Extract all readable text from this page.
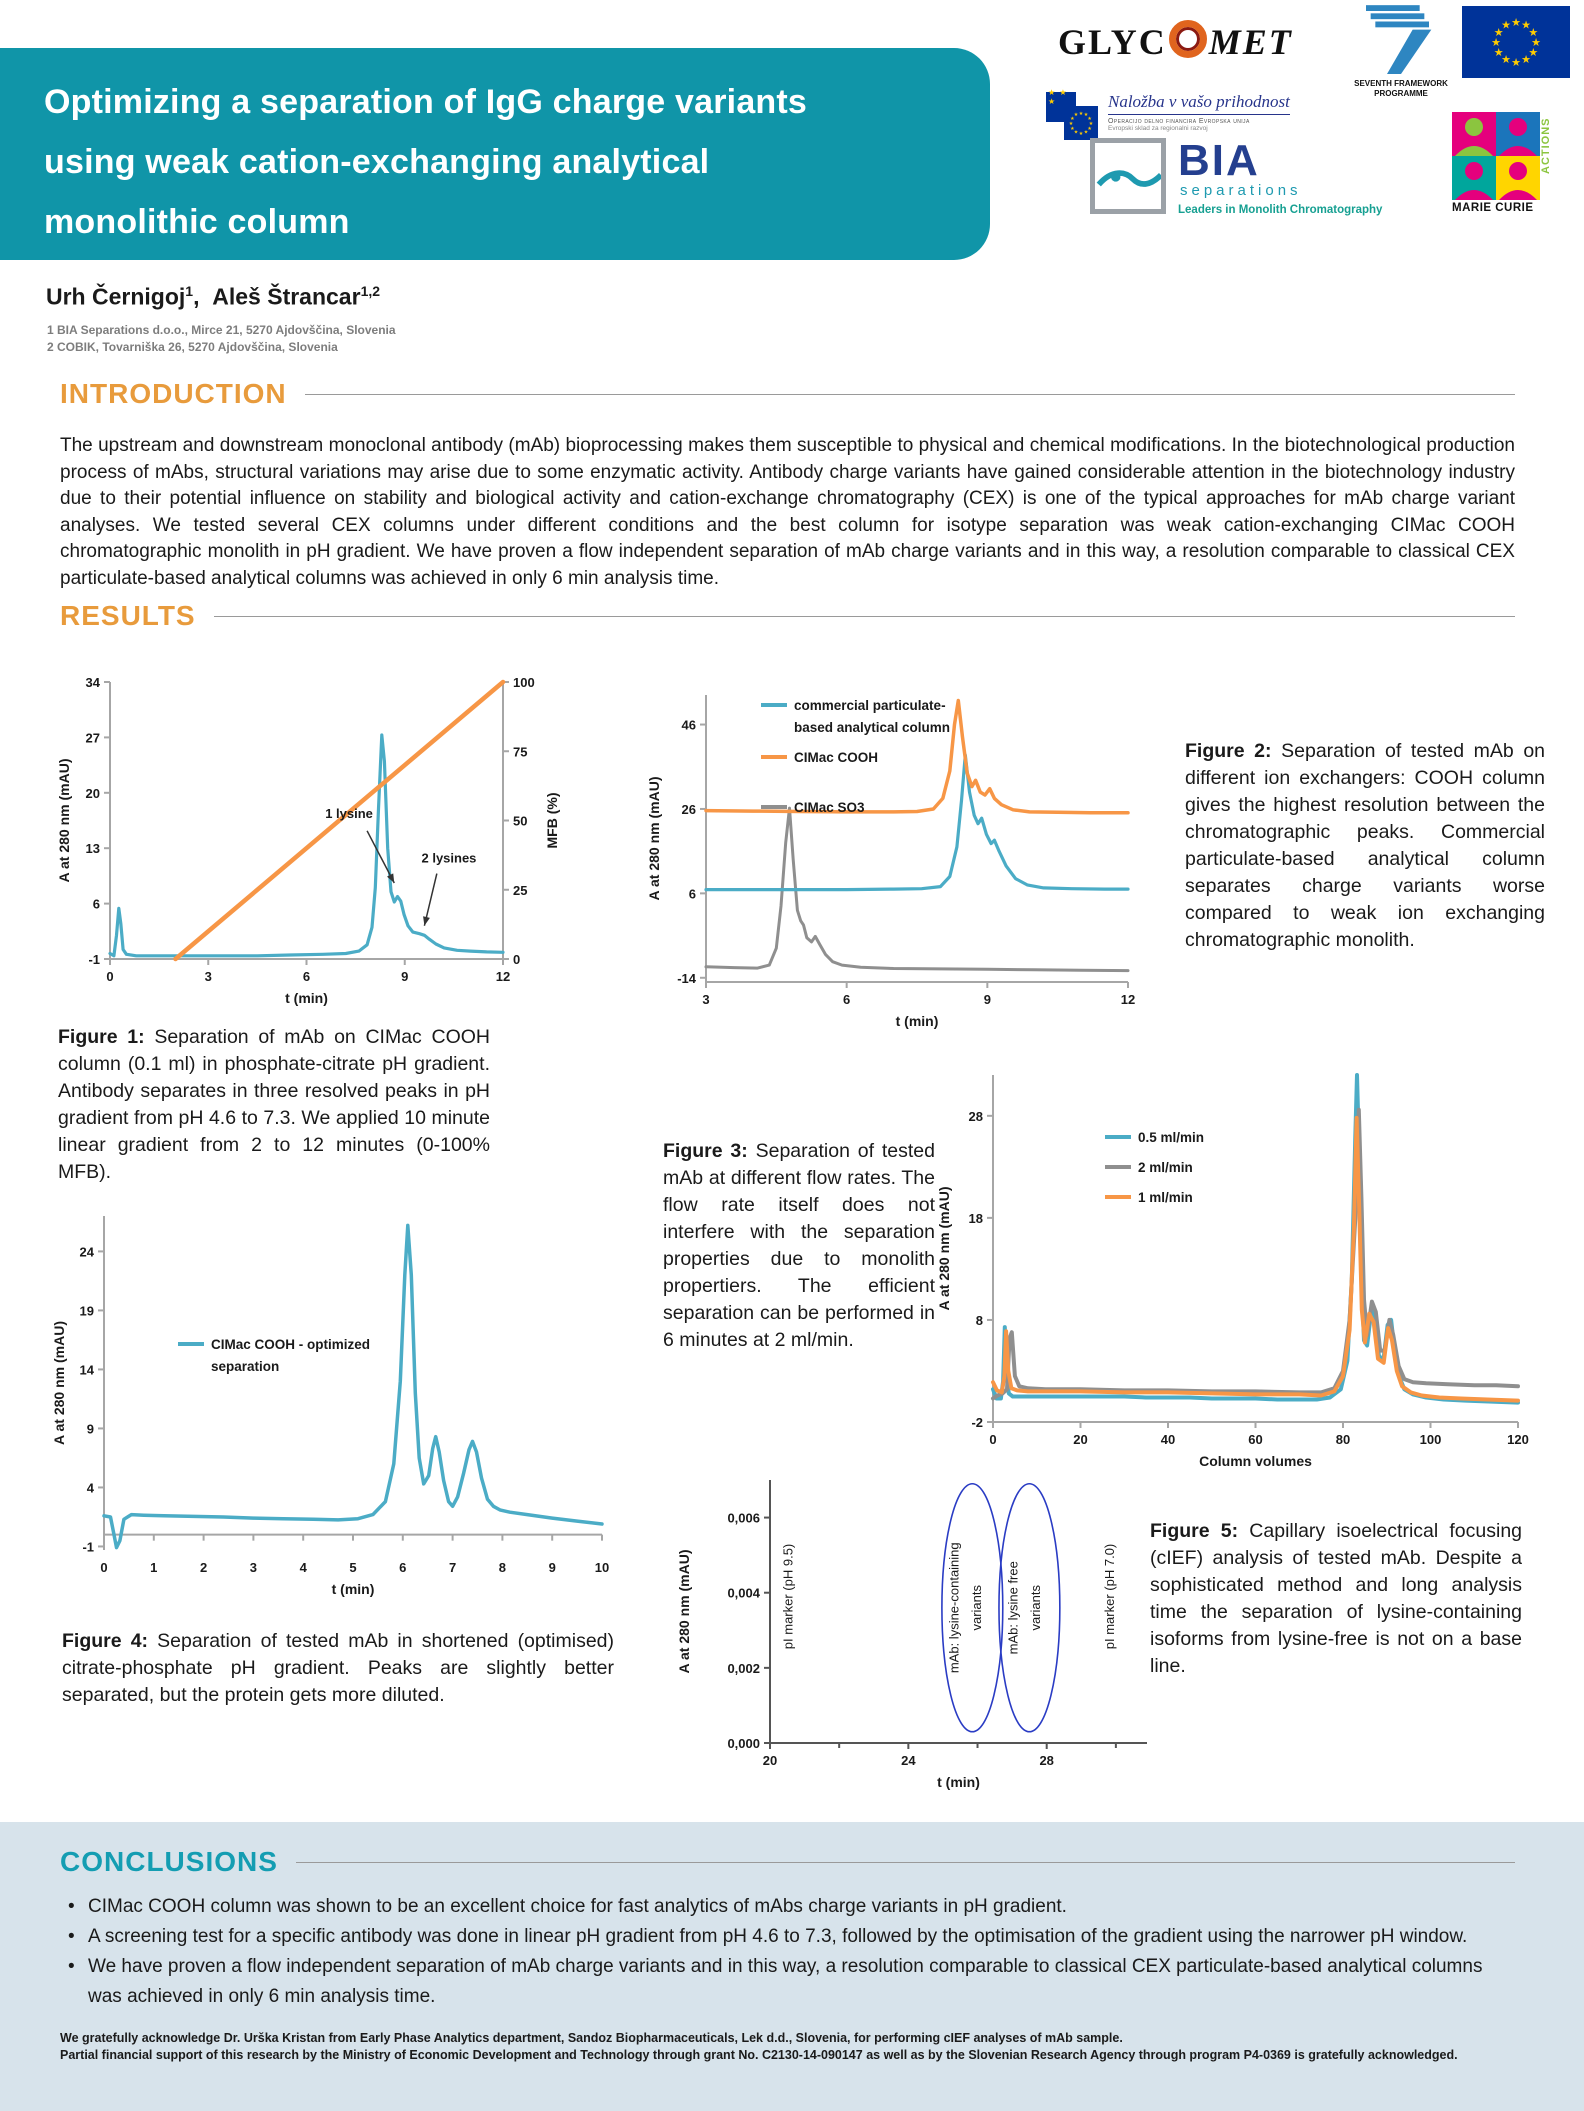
Optimizing a separation of IgG charge variants
using weak cation-exchanging analytical
monolithic column
GLYC MET
SEVENTH FRAMEWORK
PROGRAMME
★ ★
★
★
★
★
★
★
★
★
★
★
★ ★ ★
★ ★
★
★
★
★
★
★
★
★
★
★
Naložba v vašo prihodnost
Operacijo delno financira Evropska unija
Evropski sklad za regionalni razvoj
BIA
separations
Leaders in Monolith Chromatography
ACTIONS
MARIE CURIE
Urh Černigoj$^1$, Aleš Štrancar$^{1,2}$
1 BIA Separations d.o.o., Mirce 21, 5270 Ajdovščina, Slovenia
2 COBIK, Tovarniška 26, 5270 Ajdovščina, Slovenia
INTRODUCTION

The upstream and downstream monoclonal antibody (mAb) bioprocessing makes them susceptible to physical and chemical modifications. In the biotechnological production process of mAbs, structural variations may arise due to some enzymatic activity. Antibody charge variants have gained considerable attention in the biotechnology industry due to their potential influence on stability and biological activity and cation-exchange chromatography (CEX) is one of the typical approaches for mAb charge variant analyses. We tested several CEX columns under different conditions and the best column for isotype separation was weak cation-exchanging CIMac COOH chromatographic monolith in pH gradient. We have proven a flow independent separation of mAb charge variants and in this way, a resolution comparable to classical CEX particulate-based analytical columns was achieved in only 6 min analysis time.

RESULTS
34
27
20
13
6
-1
100
75
50
25
0
0	3	6	9	12
t (min)
A at 280 nm (mAU)	MFB (%)
1 lysine
2 lysines
46
26
6
-14
3	6	9	12
t (min)
A at 280 nm (mAU)
commercial particulate-
based analytical column
CIMac COOH
CIMac SO3
28
18
8
-2
0	20	40	60	80	100	120
Column volumes
A at 280 nm (mAU)
0.5 ml/min
2 ml/min
1 ml/min
24
19
14
9
4
-1
0	1	2	3	4	5	6	7	8	9	10
t (min)
A at 280 nm (mAU)	CIMac COOH - optimized
separation
0,006
0,004
0,002
0,000
20	24	28
t (min)
A at 280 nm (mAU)	pI marker (pH 9.5)	mAb: lysine-containing variants mAb: lysine free variants	pI marker (pH 7.0)

Figure 1: Separation of mAb on CIMac COOH column (0.1 ml) in phosphate-citrate pH gradient. Antibody separates in three resolved peaks in pH gradient from pH 4.6 to 7.3. We applied 10 minute linear gradient from 2 to 12 minutes (0-100% MFB).

Figure 2: Separation of tested mAb on different ion exchangers: COOH column gives the highest resolution between the chromatographic peaks. Commercial particulate-based analytical column separates charge variants worse compared to weak ion exchanging chromatographic monolith.

Figure 3: Separation of tested mAb at different flow rates. The flow rate itself does not interfere with the separation properties due to monolith propertiers. The efficient separation can be performed in 6 minutes at 2 ml/min.

Figure 4: Separation of tested mAb in shortened (optimised) citrate-phosphate pH gradient. Peaks are slightly better separated, but the protein gets more diluted.

Figure 5: Capillary isoelectrical focusing (cIEF) analysis of tested mAb. Despite a sophisticated method and long analysis time the separation of lysine-containing isoforms from lysine-free is not on a base line.

CONCLUSIONS
• CIMac COOH column was shown to be an excellent choice for fast analytics of mAbs charge variants in pH gradient.
• A screening test for a specific antibody was done in linear pH gradient from pH 4.6 to 7.3, followed by the optimisation of the gradient using the narrower pH window.
• We have proven a flow independent separation of mAb charge variants and in this way, a resolution comparable to classical CEX particulate-based analytical columns was achieved in only 6 min analysis time.
We gratefully acknowledge Dr. Urška Kristan from Early Phase Analytics department, Sandoz Biopharmaceuticals, Lek d.d., Slovenia, for performing cIEF analyses of mAb sample.
Partial financial support of this research by the Ministry of Economic Development and Technology through grant No. C2130-14-090147 as well as by the Slovenian Research Agency through program P4-0369 is gratefully acknowledged.
